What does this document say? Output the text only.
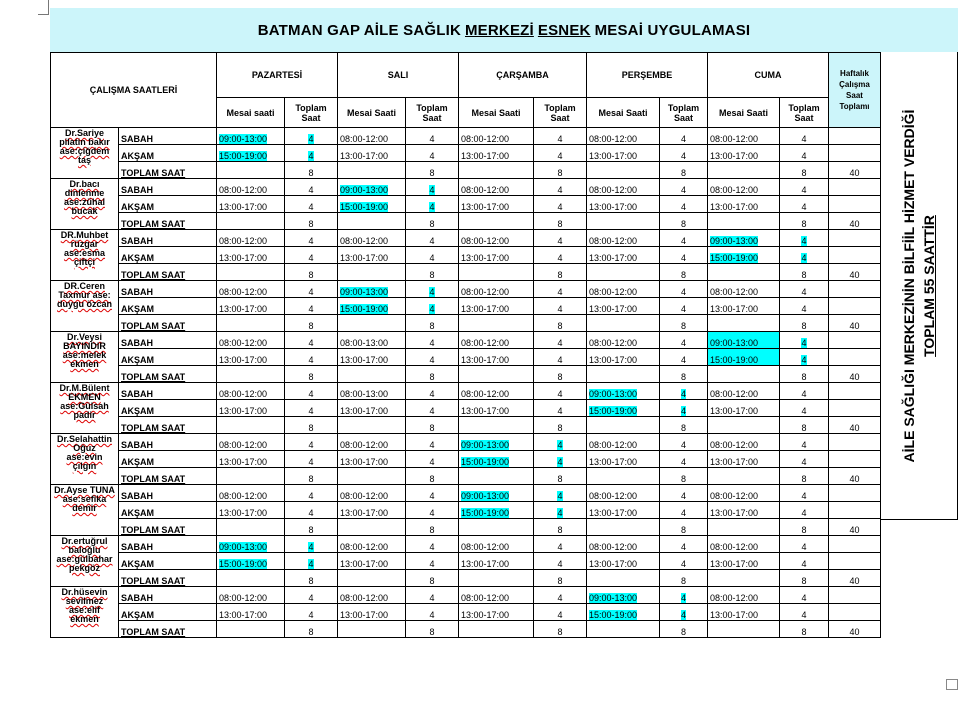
BATMAN GAP AİLE SAĞLIK MERKEZİ ESNEK MESAİ UYGULAMASI
ÇALIŞMA SAATLERİ		PAZARTESİ		SALI		ÇARŞAMBA		PERŞEMBE		CUMA		Haftalık Çalışma Saat Toplamı
		Mesai saati	Toplam Saat	Mesai Saati	Toplam Saat	Mesai Saati	Toplam Saat	Mesai Saati	Toplam Saat	Mesai Saati	Toplam Saat	
Dr.Sariye pilatin bakır
ase:çiğdem taş	SABAH	09:00-13:00	4	08:00-12:00	4	08:00-12:00	4	08:00-12:00	4	08:00-12:00	4	
	AKŞAM	15:00-19:00	4	13:00-17:00	4	13:00-17:00	4	13:00-17:00	4	13:00-17:00	4	
	TOPLAM SAAT		8		8		8		8		8	40
Dr.bacı dinlenme
ase:zühal bucak	SABAH	08:00-12:00	4	09:00-13:00	4	08:00-12:00	4	08:00-12:00	4	08:00-12:00	4	
	AKŞAM	13:00-17:00	4	15:00-19:00	4	13:00-17:00	4	13:00-17:00	4	13:00-17:00	4	
	TOPLAM SAAT		8		8		8		8		8	40
DR.Muhbet rüzgar
ase:esma çiftçi	SABAH	08:00-12:00	4	08:00-12:00	4	08:00-12:00	4	08:00-12:00	4	09:00-13:00	4	
	AKŞAM	13:00-17:00	4	13:00-17:00	4	13:00-17:00	4	13:00-17:00	4	15:00-19:00	4	
	TOPLAM SAAT		8		8		8		8		8	40
DR.Ceren Taxmur ase:
duygu özcan	SABAH	08:00-12:00	4	09:00-13:00	4	08:00-12:00	4	08:00-12:00	4	08:00-12:00	4	
	AKŞAM	13:00-17:00	4	15:00-19:00	4	13:00-17:00	4	13:00-17:00	4	13:00-17:00	4	
	TOPLAM SAAT		8		8		8		8		8	40
Dr.Veysi BAYINDIR
ase:melek ekmen	SABAH	08:00-12:00	4	08:00-13:00	4	08:00-12:00	4	08:00-12:00	4	09:00-13:00	4	
	AKŞAM	13:00-17:00	4	13:00-17:00	4	13:00-17:00	4	13:00-17:00	4	15:00-19:00	4	
	TOPLAM SAAT		8		8		8		8		8	40
Dr.M.Bülent EKMEN
ase:Gülsah padir	SABAH	08:00-12:00	4	08:00-13:00	4	08:00-12:00	4	09:00-13:00	4	08:00-12:00	4	
	AKŞAM	13:00-17:00	4	13:00-17:00	4	13:00-17:00	4	15:00-19:00	4	13:00-17:00	4	
	TOPLAM SAAT		8		8		8		8		8	40
Dr.Selahattin Oğuz
ase:evin çılgın	SABAH	08:00-12:00	4	08:00-12:00	4	09:00-13:00	4	08:00-12:00	4	08:00-12:00	4	
	AKŞAM	13:00-17:00	4	13:00-17:00	4	15:00-19:00	4	13:00-17:00	4	13:00-17:00	4	
	TOPLAM SAAT		8		8		8		8		8	40
Dr.Ayse TUNA
ase:sefika demir	SABAH	08:00-12:00	4	08:00-12:00	4	09:00-13:00	4	08:00-12:00	4	08:00-12:00	4	
	AKŞAM	13:00-17:00	4	13:00-17:00	4	15:00-19:00	4	13:00-17:00	4	13:00-17:00	4	
	TOPLAM SAAT		8		8		8		8		8	40
Dr.ertuğrul baloğlu
ase:gülbahar pekgöz	SABAH	09:00-13:00	4	08:00-12:00	4	08:00-12:00	4	08:00-12:00	4	08:00-12:00	4	
	AKŞAM	15:00-19:00	4	13:00-17:00	4	13:00-17:00	4	13:00-17:00	4	13:00-17:00	4	
	TOPLAM SAAT		8		8		8		8		8	40
Dr.hüsevin sevilmez
ase:elif ekmen	SABAH	08:00-12:00	4	08:00-12:00	4	08:00-12:00	4	09:00-13:00	4	08:00-12:00	4	
	AKŞAM	13:00-17:00	4	13:00-17:00	4	13:00-17:00	4	15:00-19:00	4	13:00-17:00	4	
	TOPLAM SAAT		8		8		8		8		8	40
AİLE SAĞLIĞI MERKEZİNİN BİLFİİL HİZMET VERDİĞİ TOPLAM 55 SAATTİR
